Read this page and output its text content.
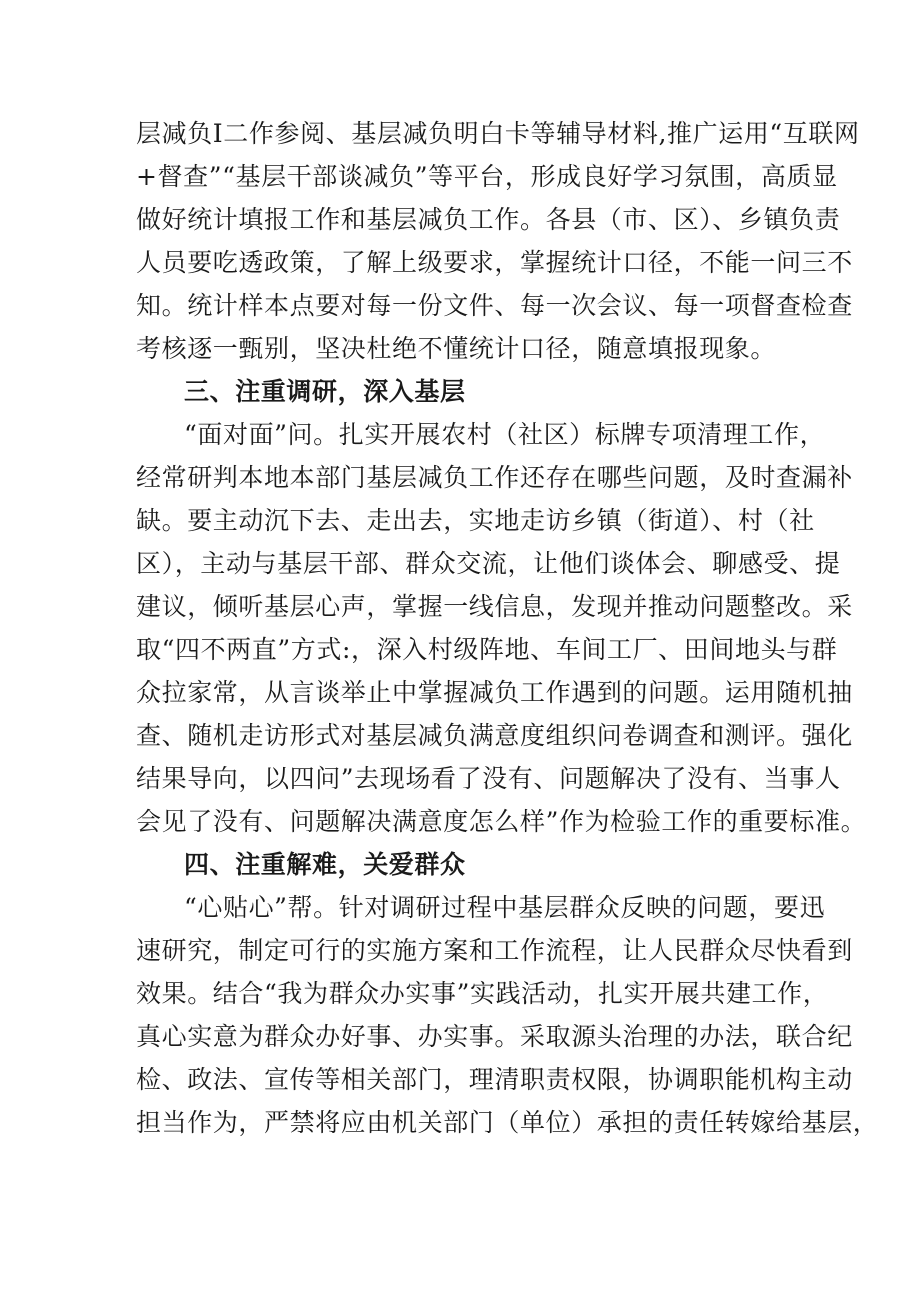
层减负Ⅰ二作参阅、基层减负明白卡等辅导材料,推广运用“互联网
+督查”“基层干部谈减负”等平台，形成良好学习氛围，高质显
做好统计填报工作和基层减负工作。各县（市、区）、乡镇负责
人员要吃透政策，了解上级要求，掌握统计口径，不能一问三不
知。统计样本点要对每一份文件、每一次会议、每一项督查检查
考核逐一甄别，坚决杜绝不懂统计口径，随意填报现象。
三、注重调研，深入基层
“面对面”问。扎实开展农村（社区）标牌专项清理工作，
经常研判本地本部门基层减负工作还存在哪些问题，及时查漏补
缺。要主动沉下去、走出去，实地走访乡镇（街道）、村（社
区），主动与基层干部、群众交流，让他们谈体会、聊感受、提
建议，倾听基层心声，掌握一线信息，发现并推动问题整改。采
取“四不两直”方式:，深入村级阵地、车间工厂、田间地头与群
众拉家常，从言谈举止中掌握减负工作遇到的问题。运用随机抽
查、随机走访形式对基层减负满意度组织问卷调查和测评。强化
结果导向，以四问”去现场看了没有、问题解决了没有、当事人
会见了没有、问题解决满意度怎么样”作为检验工作的重要标准。
四、注重解难，关爱群众
“心贴心”帮。针对调研过程中基层群众反映的问题，要迅
速研究，制定可行的实施方案和工作流程，让人民群众尽快看到
效果。结合“我为群众办实事”实践活动，扎实开展共建工作，
真心实意为群众办好事、办实事。采取源头治理的办法，联合纪
检、政法、宣传等相关部门，理清职责权限，协调职能机构主动
担当作为，严禁将应由机关部门（单位）承担的责任转嫁给基层，
